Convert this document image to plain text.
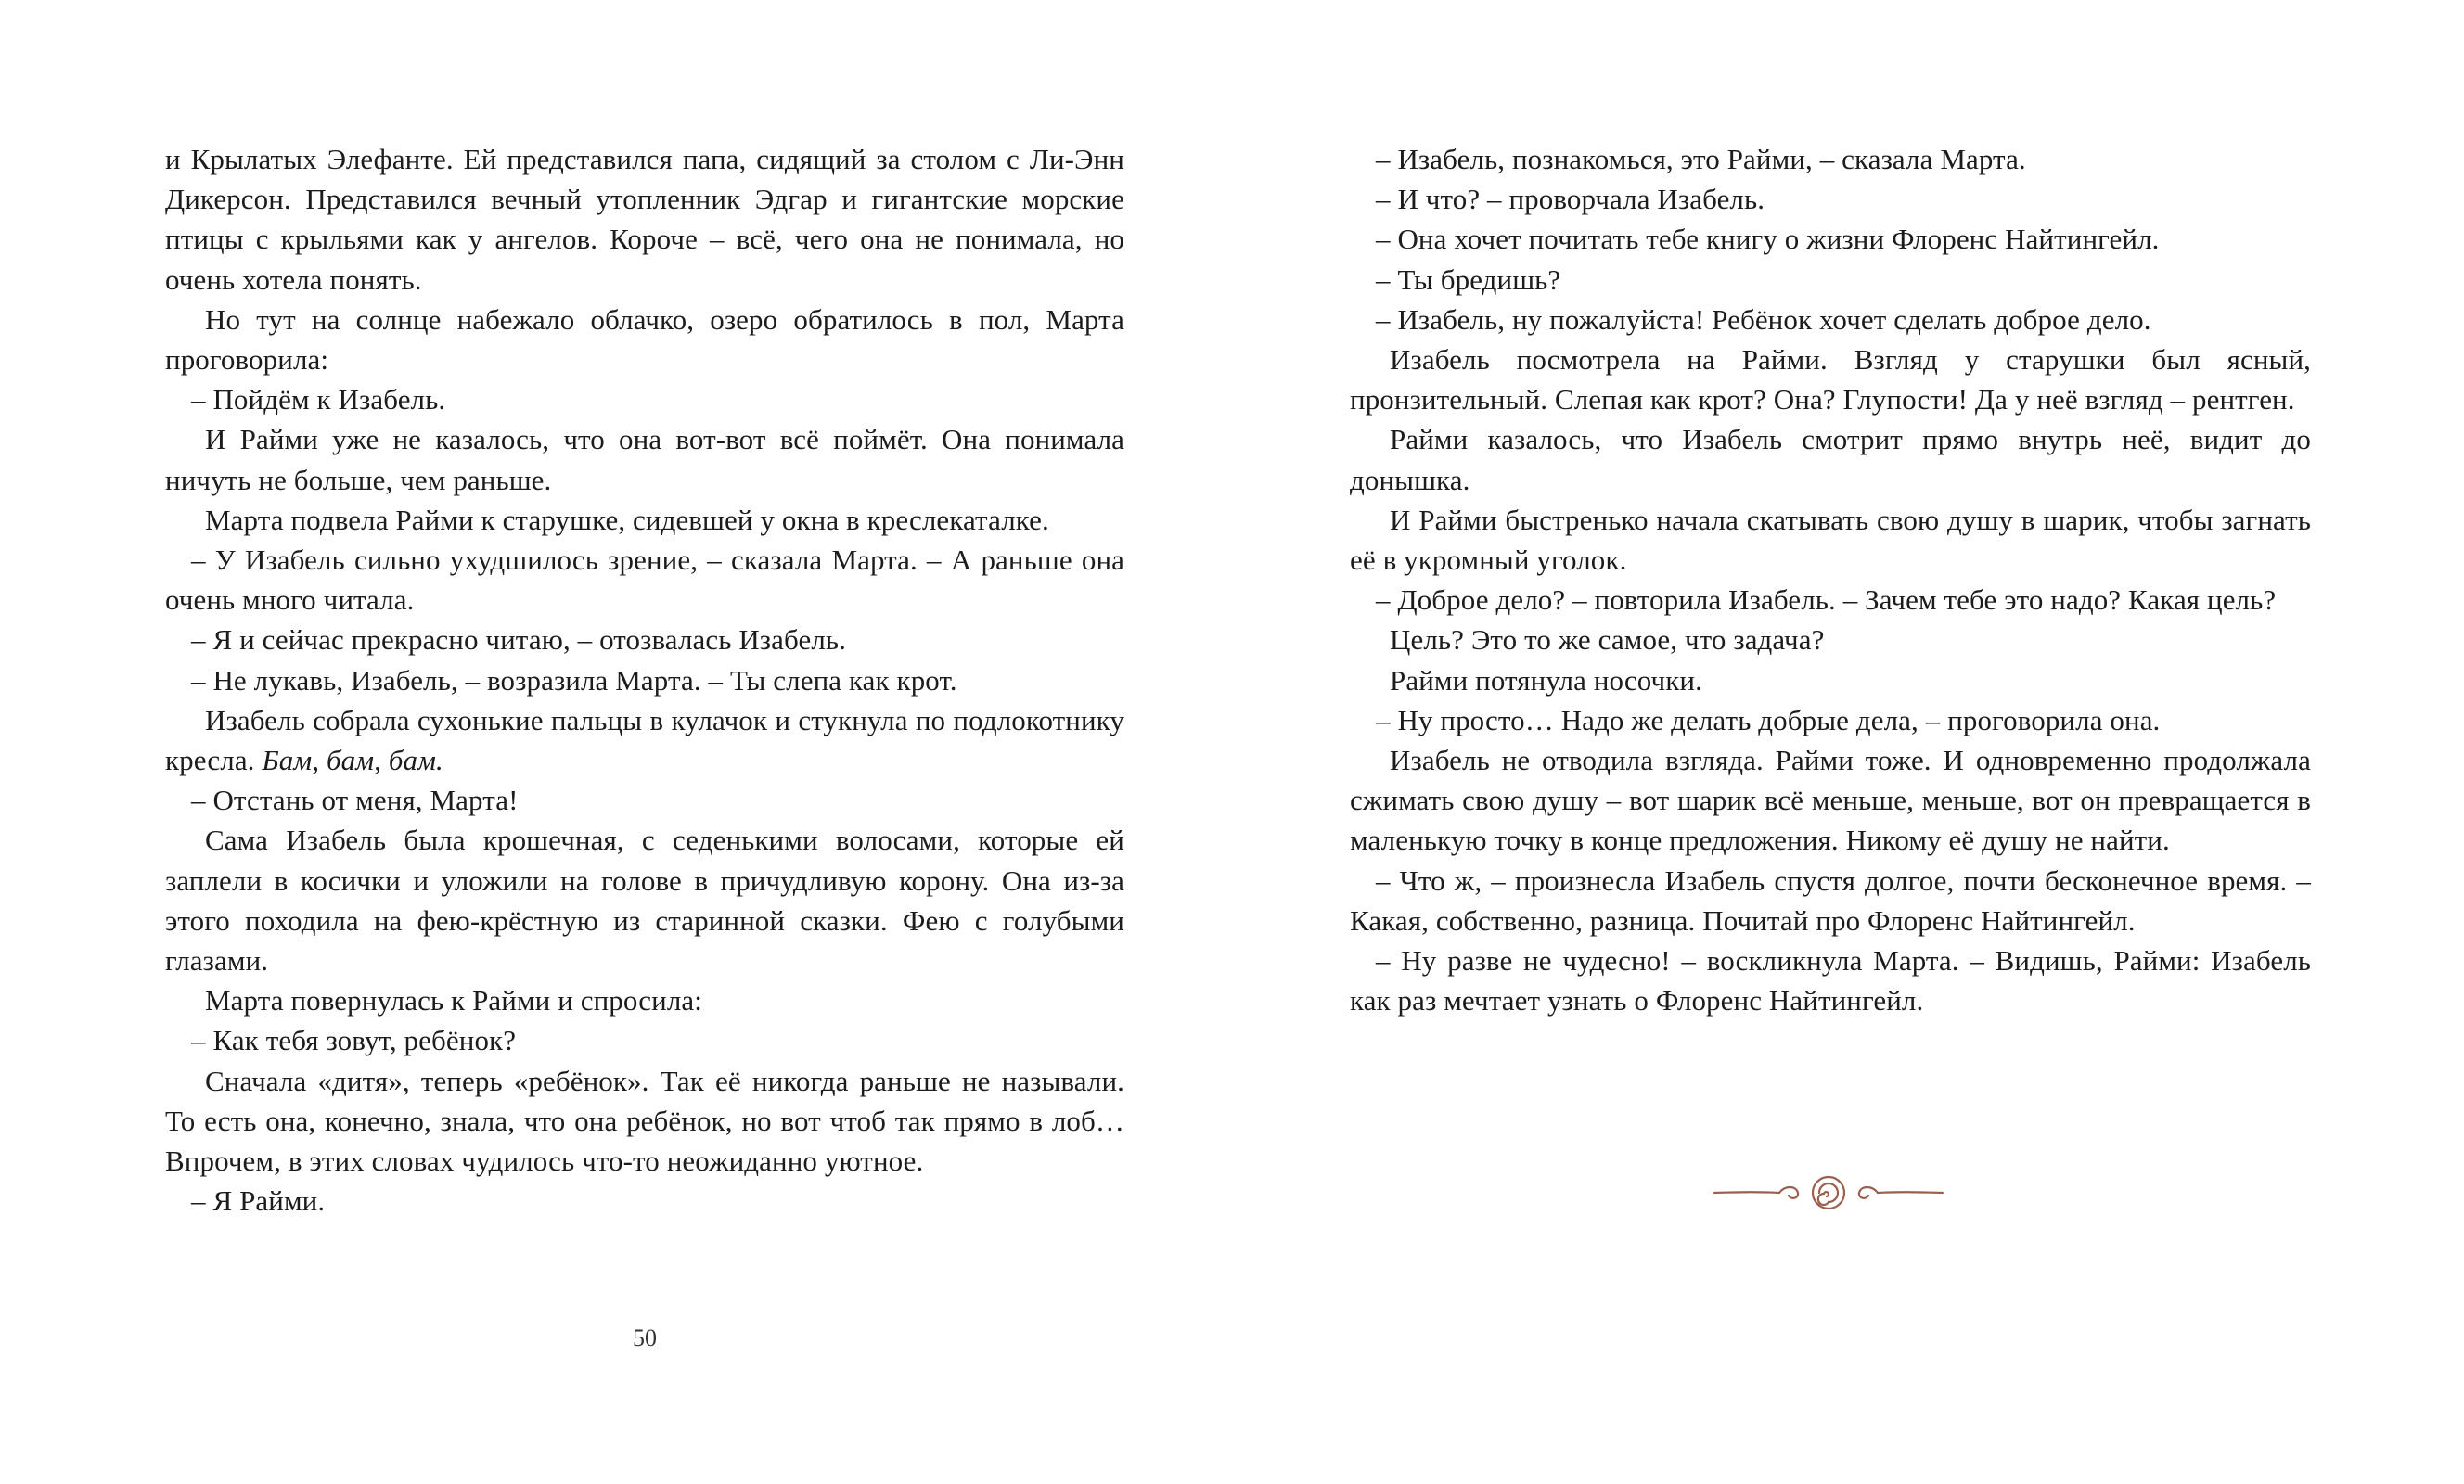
и Крылатых Элефанте. Ей представился папа, сидящий за столом с Ли-Энн Дикерсон. Представился вечный утопленник Эдгар и гигантские морские птицы с крыльями как у ангелов. Короче – всё, чего она не понимала, но очень хотела понять.

Но тут на солнце набежало облачко, озеро обратилось в пол, Марта проговорила:

– Пойдём к Изабель.

И Райми уже не казалось, что она вот-вот всё поймёт. Она понимала ничуть не больше, чем раньше.

Марта подвела Райми к старушке, сидевшей у окна в креслекаталке.

– У Изабель сильно ухудшилось зрение, – сказала Марта. – А раньше она очень много читала.

– Я и сейчас прекрасно читаю, – отозвалась Изабель.

– Не лукавь, Изабель, – возразила Марта. – Ты слепа как крот.

Изабель собрала сухонькие пальцы в кулачок и стукнула по подлокотнику кресла. Бам, бам, бам.

– Отстань от меня, Марта!

Сама Изабель была крошечная, с седенькими волосами, которые ей заплели в косички и уложили на голове в причудливую корону. Она из-за этого походила на фею-крёстную из старинной сказки. Фею с голубыми глазами.

Марта повернулась к Райми и спросила:

– Как тебя зовут, ребёнок?

Сначала «дитя», теперь «ребёнок». Так её никогда раньше не называли. То есть она, конечно, знала, что она ребёнок, но вот чтоб так прямо в лоб… Впрочем, в этих словах чудилось что-то неожиданно уютное.

– Я Райми.

50

– Изабель, познакомься, это Райми, – сказала Марта.

– И что? – проворчала Изабель.

– Она хочет почитать тебе книгу о жизни Флоренс Найтингейл.

– Ты бредишь?

– Изабель, ну пожалуйста! Ребёнок хочет сделать доброе дело.

Изабель посмотрела на Райми. Взгляд у старушки был ясный, пронзительный. Слепая как крот? Она? Глупости! Да у неё взгляд – рентген.

Райми казалось, что Изабель смотрит прямо внутрь неё, видит до донышка.

И Райми быстренько начала скатывать свою душу в шарик, чтобы загнать её в укромный уголок.

– Доброе дело? – повторила Изабель. – Зачем тебе это надо? Какая цель?

Цель? Это то же самое, что задача?

Райми потянула носочки.

– Ну просто… Надо же делать добрые дела, – проговорила она.

Изабель не отводила взгляда. Райми тоже. И одновременно продолжала сжимать свою душу – вот шарик всё меньше, меньше, вот он превращается в маленькую точку в конце предложения. Никому её душу не найти.

– Что ж, – произнесла Изабель спустя долгое, почти бесконечное время. – Какая, собственно, разница. Почитай про Флоренс Найтингейл.

– Ну разве не чудесно! – воскликнула Марта. – Видишь, Райми: Изабель как раз мечтает узнать о Флоренс Найтингейл.
